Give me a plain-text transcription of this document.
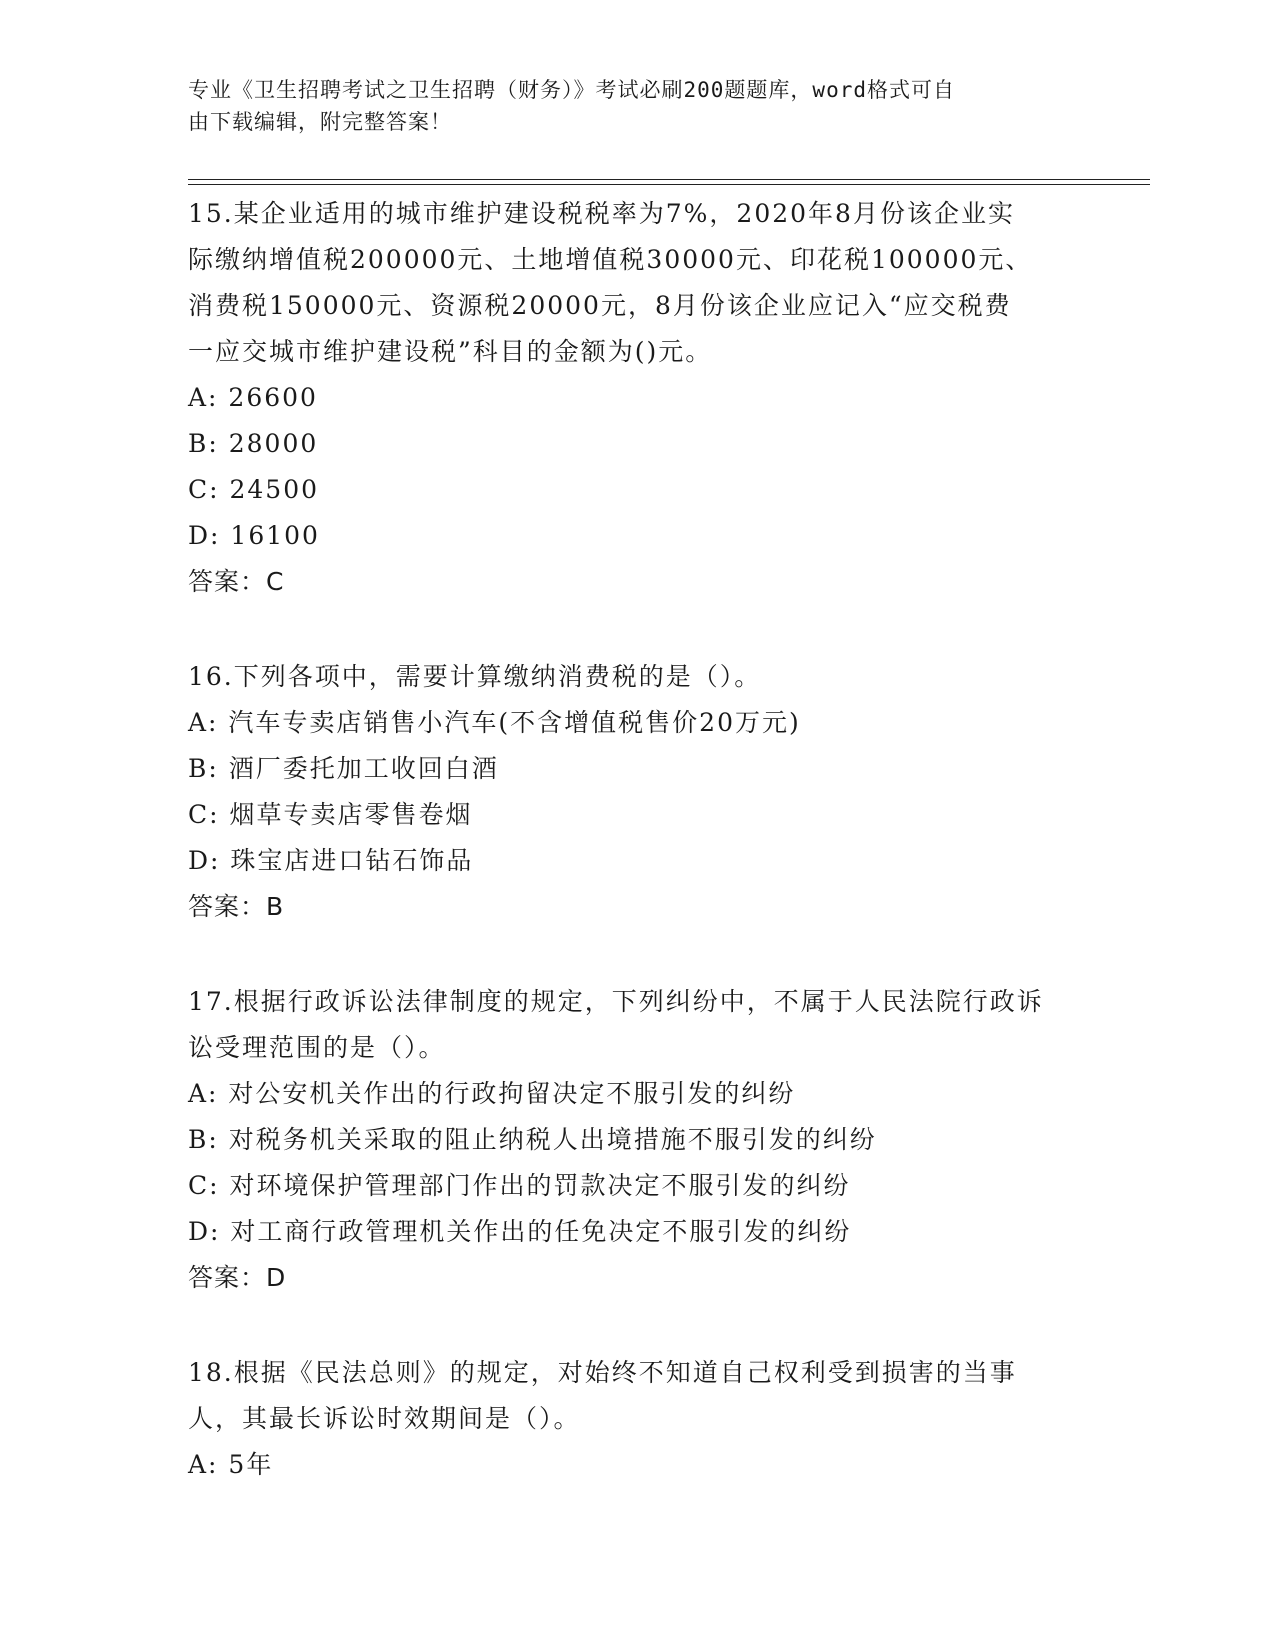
专业《卫生招聘考试之卫生招聘（财务）》考试必刷200题题库，word格式可自
由下载编辑，附完整答案！

15.某企业适用的城市维护建设税税率为7%，2020年8月份该企业实际缴纳增值税200000元、土地增值税30000元、印花税100000元、消费税150000元、资源税20000元，8月份该企业应记入“应交税费一应交城市维护建设税”科目的金额为()元。

A: 26600

B: 28000

C: 24500

D: 16100

答案：C

16.下列各项中，需要计算缴纳消费税的是（）。

A: 汽车专卖店销售小汽车(不含增值税售价20万元)

B: 酒厂委托加工收回白酒

C: 烟草专卖店零售卷烟

D: 珠宝店进口钻石饰品

答案：B

17.根据行政诉讼法律制度的规定，下列纠纷中，不属于人民法院行政诉讼受理范围的是（）。

A: 对公安机关作出的行政拘留决定不服引发的纠纷

B: 对税务机关采取的阻止纳税人出境措施不服引发的纠纷

C: 对环境保护管理部门作出的罚款决定不服引发的纠纷

D: 对工商行政管理机关作出的任免决定不服引发的纠纷

答案：D

18.根据《民法总则》的规定，对始终不知道自己权利受到损害的当事人，其最长诉讼时效期间是（）。

A: 5年
